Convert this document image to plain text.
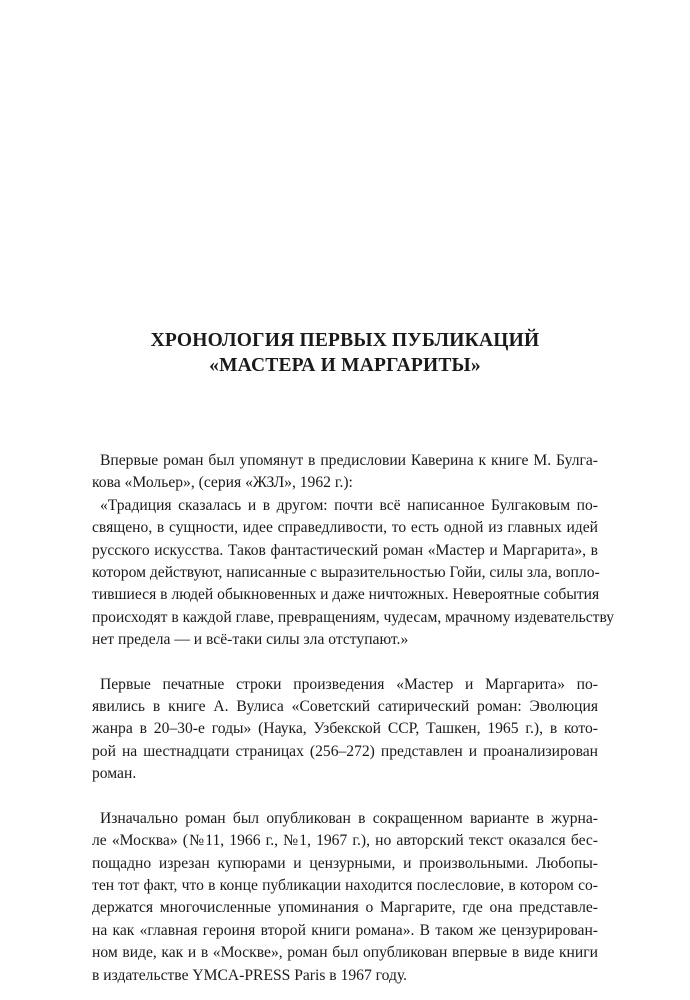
ХРОНОЛОГИЯ ПЕРВЫХ ПУБЛИКАЦИЙ
«МАСТЕРА И МАРГАРИТЫ»
Впервые роман был упомянут в предисловии Каверина к книге М. Булга-
кова «Мольер», (серия «ЖЗЛ», 1962 г.):
«Традиция сказалась и в другом: почти всё написанное Булгаковым по-
священо, в сущности, идее справедливости, то есть одной из главных идей
русского искусства. Таков фантастический роман «Мастер и Маргарита», в
котором действуют, написанные с выразительностью Гойи, силы зла, вопло-
тившиеся в людей обыкновенных и даже ничтожных. Невероятные события
происходят в каждой главе, превращениям, чудесам, мрачному издевательству
нет предела — и всё-таки силы зла отступают.»
Первые печатные строки произведения «Мастер и Маргарита» по-
явились в книге А. Вулиса «Советский сатирический роман: Эволюция
жанра в 20–30-е годы» (Наука, Узбекской ССР, Ташкен, 1965 г.), в кото-
рой на шестнадцати страницах (256–272) представлен и проанализирован
роман.
Изначально роман был опубликован в сокращенном варианте в журна-
ле «Москва» (№11, 1966 г., №1, 1967 г.), но авторский текст оказался бес-
пощадно изрезан купюрами и цензурными, и произвольными. Любопы-
тен тот факт, что в конце публикации находится послесловие, в котором со-
держатся многочисленные упоминания о Маргарите, где она представле-
на как «главная героиня второй книги романа». В таком же цензурирован-
ном виде, как и в «Москве», роман был опубликован впервые в виде книги
в издательстве YMCA-PRESS Paris в 1967 году.
